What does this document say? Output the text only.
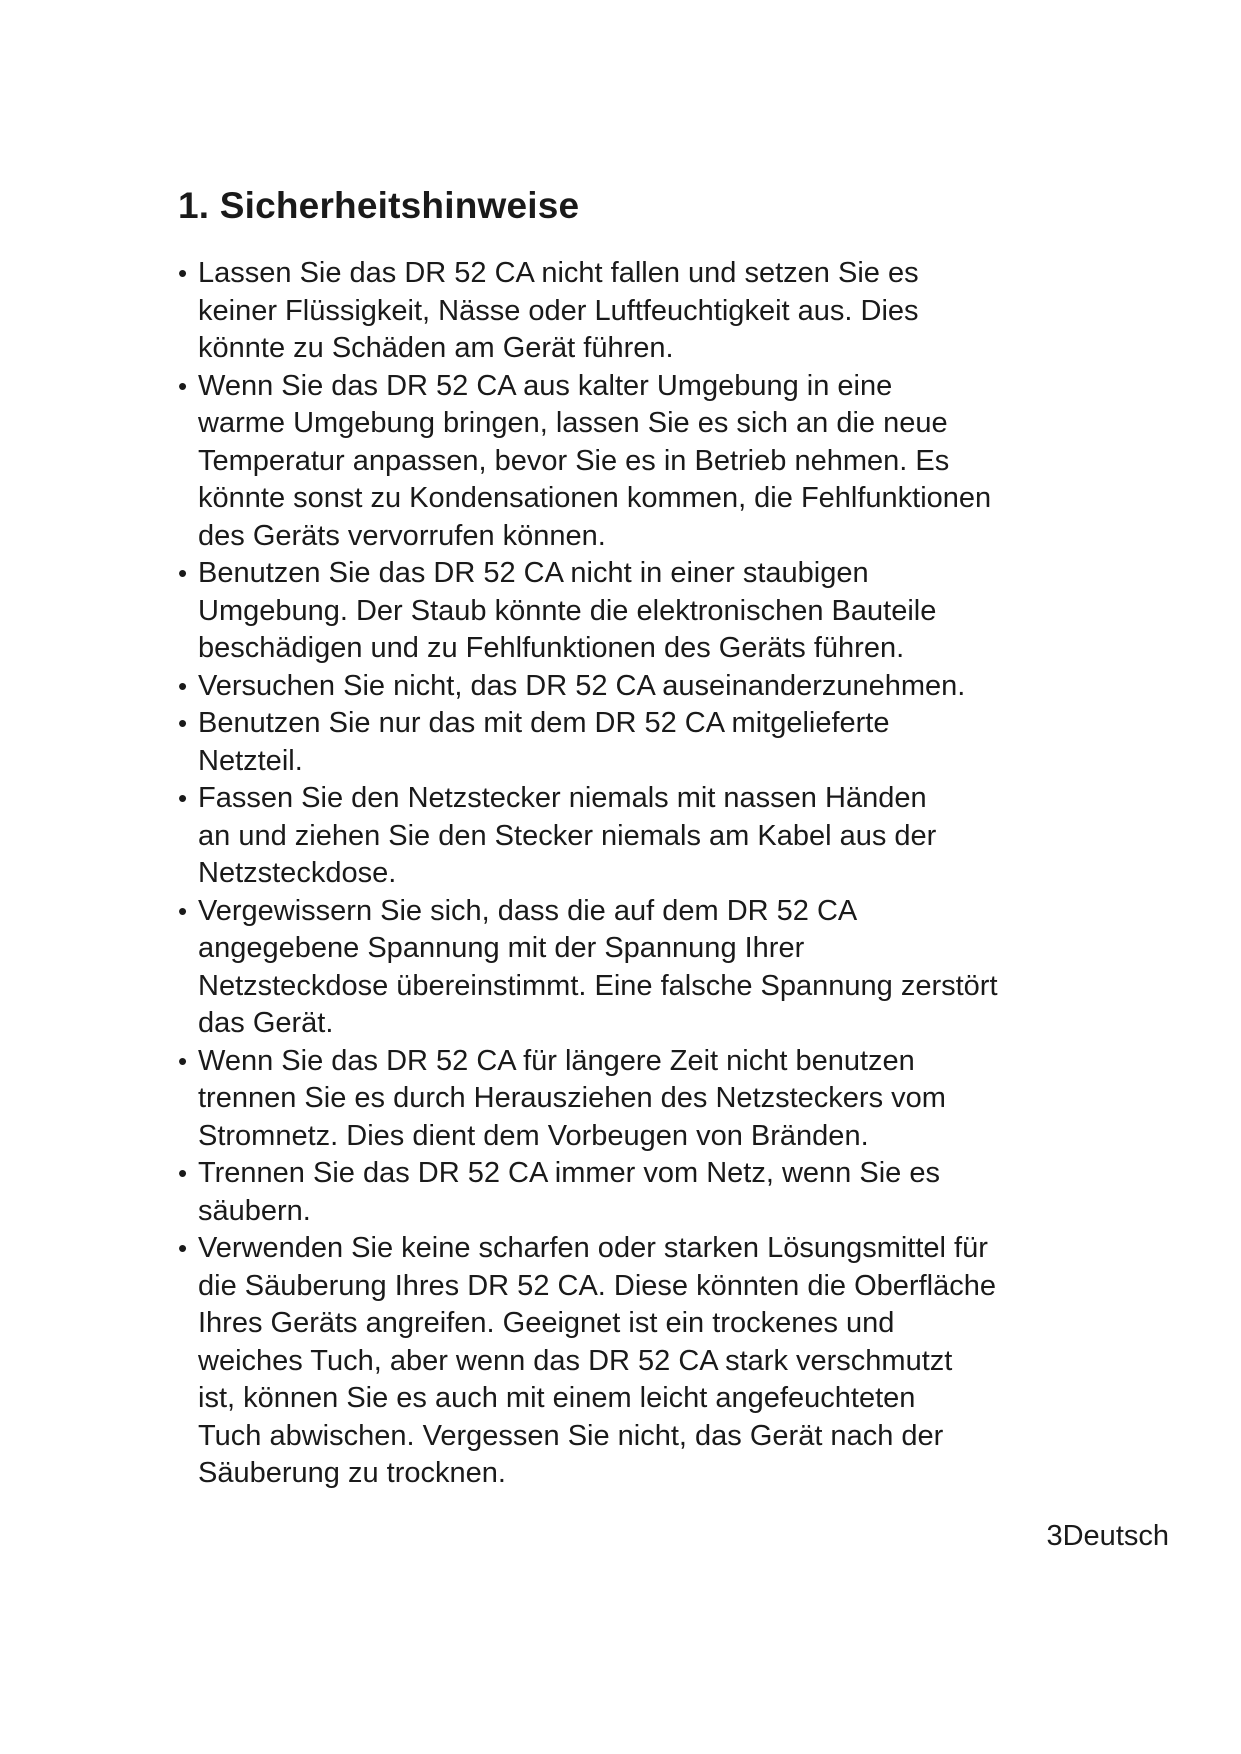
1. Sicherheitshinweise
• Lassen Sie das DR 52 CA nicht fallen und setzen Sie es
keiner Flüssigkeit, Nässe oder Luftfeuchtigkeit aus. Dies
könnte zu Schäden am Gerät führen.
• Wenn Sie das DR 52 CA aus kalter Umgebung in eine
warme Umgebung bringen, lassen Sie es sich an die neue
Temperatur anpassen, bevor Sie es in Betrieb nehmen. Es
könnte sonst zu Kondensationen kommen, die Fehlfunktionen
des Geräts vervorrufen können.
• Benutzen Sie das DR 52 CA nicht in einer staubigen
Umgebung. Der Staub könnte die elektronischen Bauteile
beschädigen und zu Fehlfunktionen des Geräts führen.
• Versuchen Sie nicht, das DR 52 CA auseinanderzunehmen.
• Benutzen Sie nur das mit dem DR 52 CA mitgelieferte
Netzteil.
• Fassen Sie den Netzstecker niemals mit nassen Händen
an und ziehen Sie den Stecker niemals am Kabel aus der
Netzsteckdose.
• Vergewissern Sie sich, dass die auf dem DR 52 CA
angegebene Spannung mit der Spannung Ihrer
Netzsteckdose übereinstimmt. Eine falsche Spannung zerstört
das Gerät.
• Wenn Sie das DR 52 CA für längere Zeit nicht benutzen
trennen Sie es durch Herausziehen des Netzsteckers vom
Stromnetz. Dies dient dem Vorbeugen von Bränden.
• Trennen Sie das DR 52 CA immer vom Netz, wenn Sie es
säubern.
• Verwenden Sie keine scharfen oder starken Lösungsmittel für
die Säuberung Ihres DR 52 CA. Diese könnten die Oberfläche
Ihres Geräts angreifen. Geeignet ist ein trockenes und
weiches Tuch, aber wenn das DR 52 CA stark verschmutzt
ist, können Sie es auch mit einem leicht angefeuchteten
Tuch abwischen. Vergessen Sie nicht, das Gerät nach der
Säuberung zu trocknen.
3Deutsch
